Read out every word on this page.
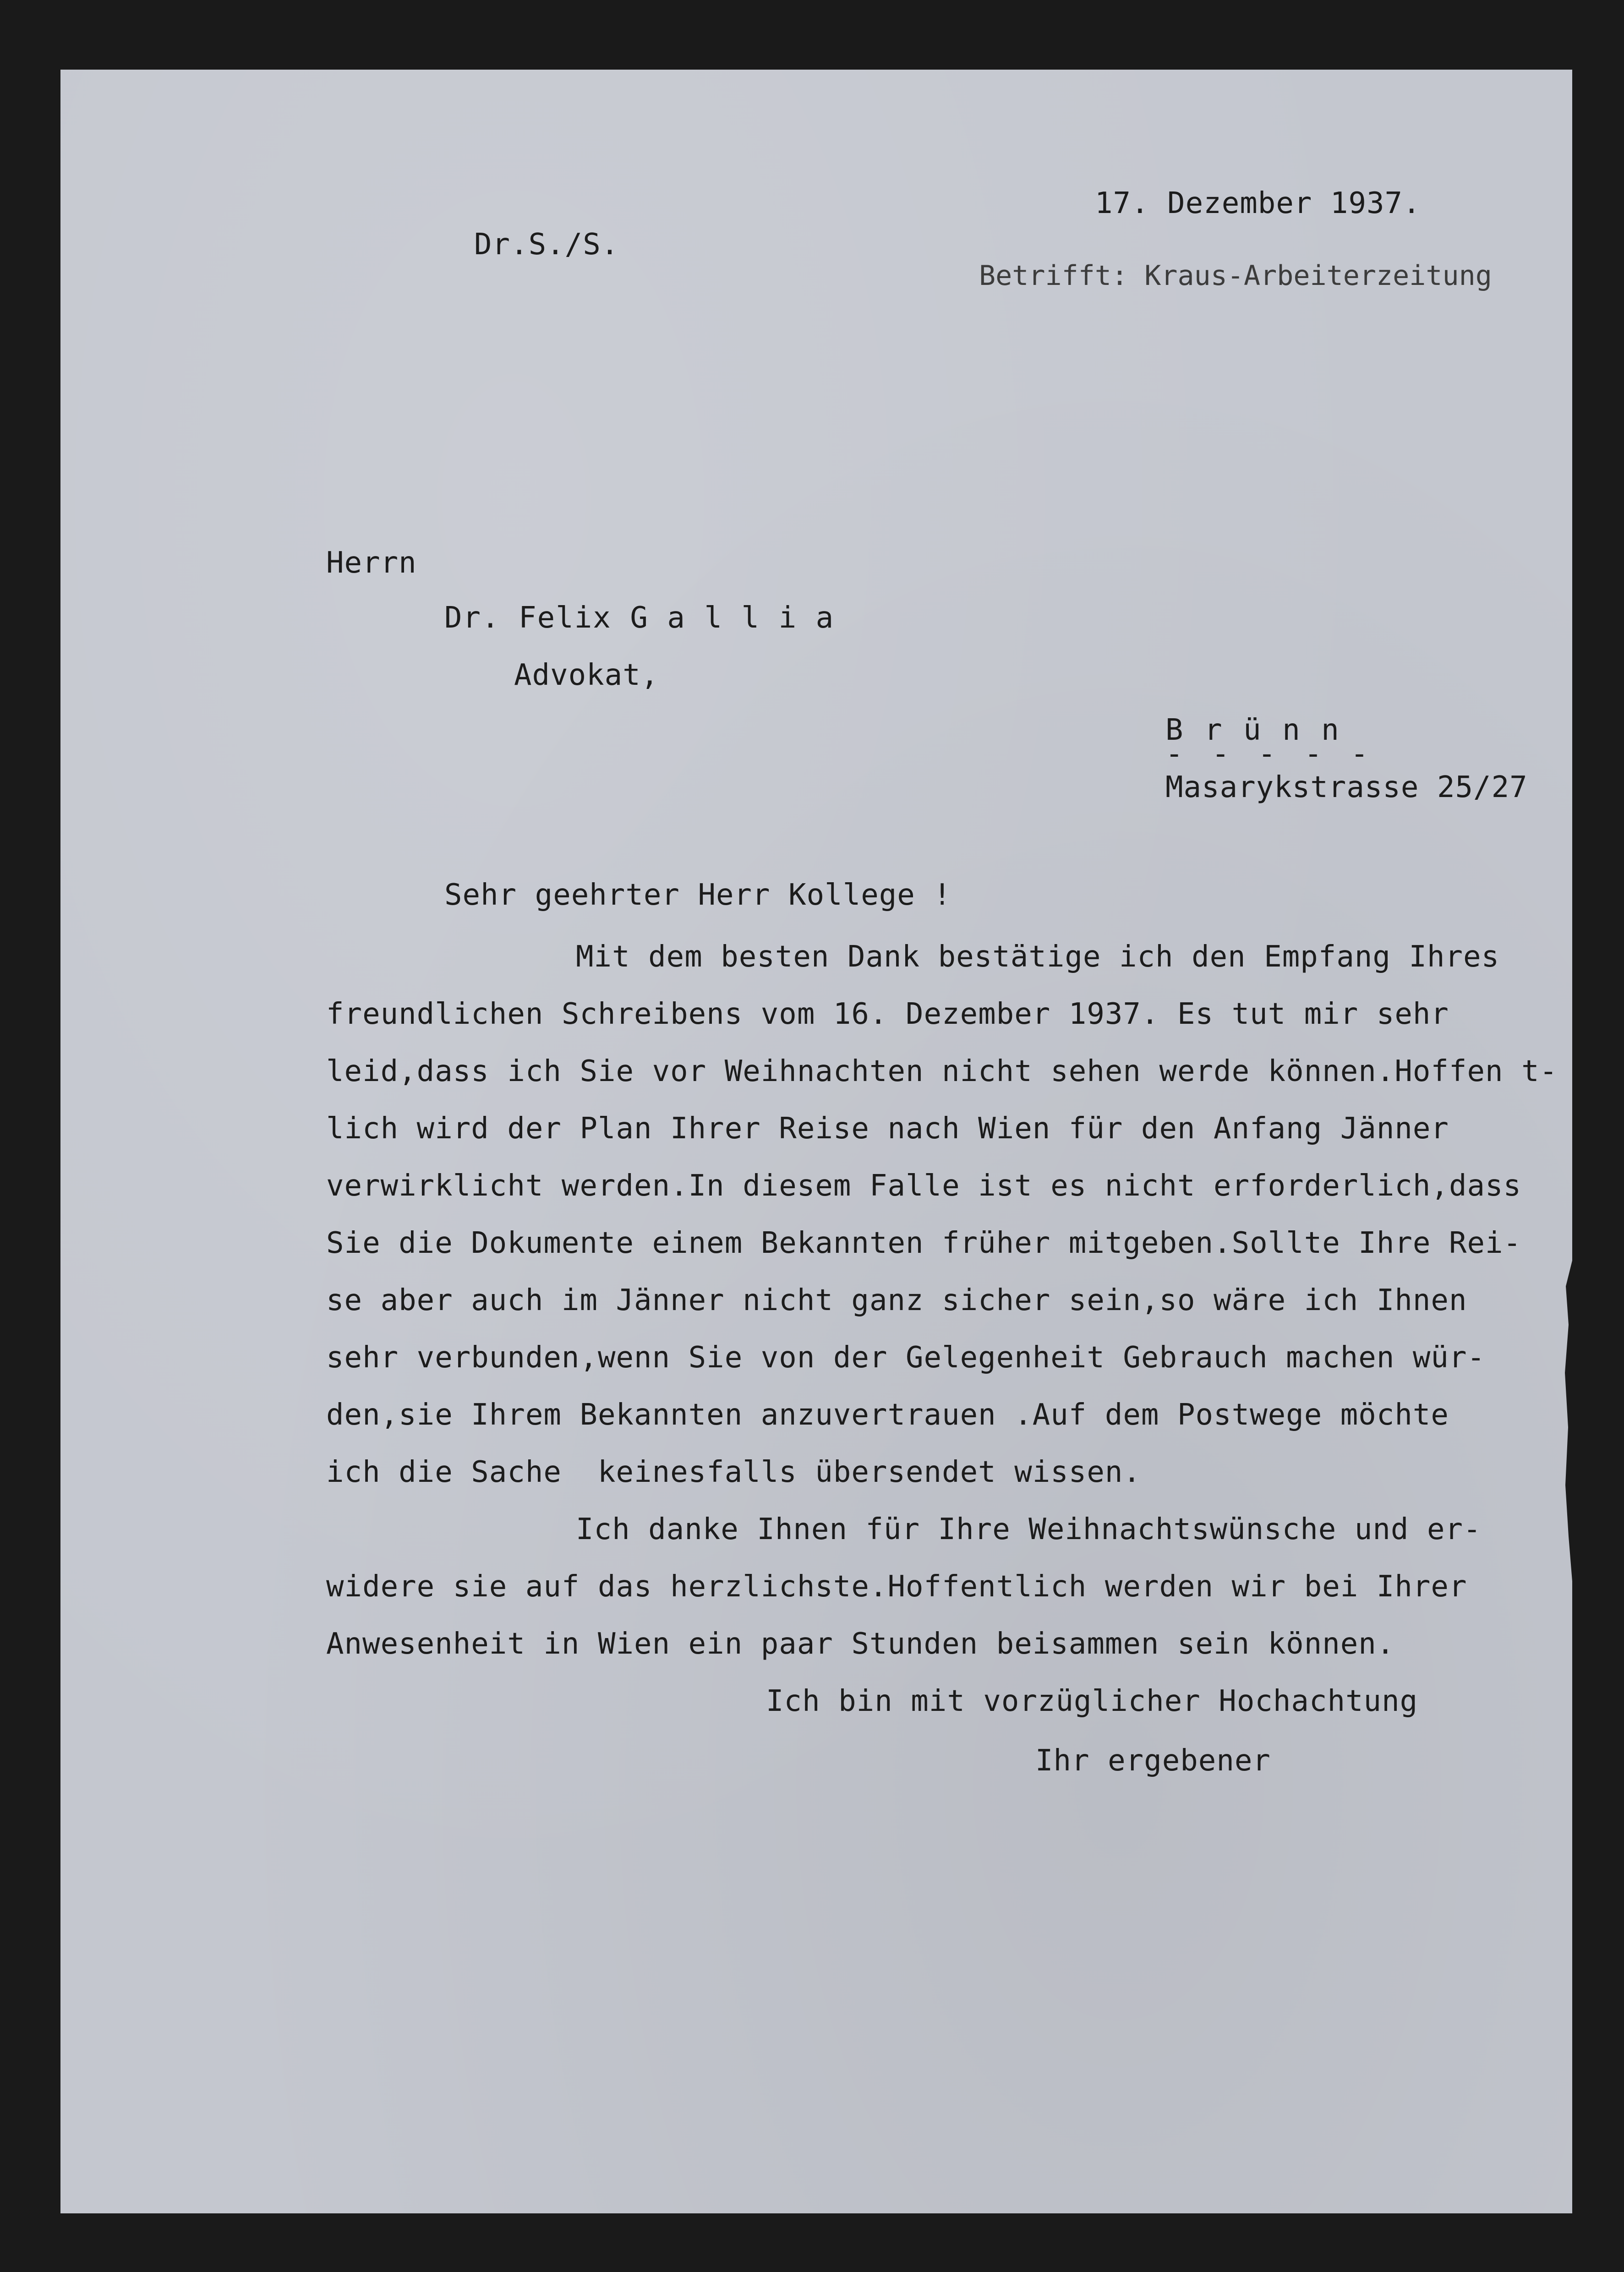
17. Dezember 1937.
Dr.S./S.
Betrifft: Kraus-Arbeiterzeitung
Herrn
Dr. Felix G a l l i a
Advokat,
B r ü n n
- - - - -
Masarykstrasse 25/27
Sehr geehrter Herr Kollege !
Mit dem besten Dank bestätige ich den Empfang Ihres
freundlichen Schreibens vom 16. Dezember 1937. Es tut mir sehr
leid,dass ich Sie vor Weihnachten nicht sehen werde können.Hoffen t-
lich wird der Plan Ihrer Reise nach Wien für den Anfang Jänner
verwirklicht werden.In diesem Falle ist es nicht erforderlich,dass
Sie die Dokumente einem Bekannten früher mitgeben.Sollte Ihre Rei-
se aber auch im Jänner nicht ganz sicher sein,so wäre ich Ihnen
sehr verbunden,wenn Sie von der Gelegenheit Gebrauch machen wür-
den,sie Ihrem Bekannten anzuvertrauen .Auf dem Postwege möchte
ich die Sache  keinesfalls übersendet wissen.
Ich danke Ihnen für Ihre Weihnachtswünsche und er-
widere sie auf das herzlichste.Hoffentlich werden wir bei Ihrer
Anwesenheit in Wien ein paar Stunden beisammen sein können.
Ich bin mit vorzüglicher Hochachtung
Ihr ergebener
